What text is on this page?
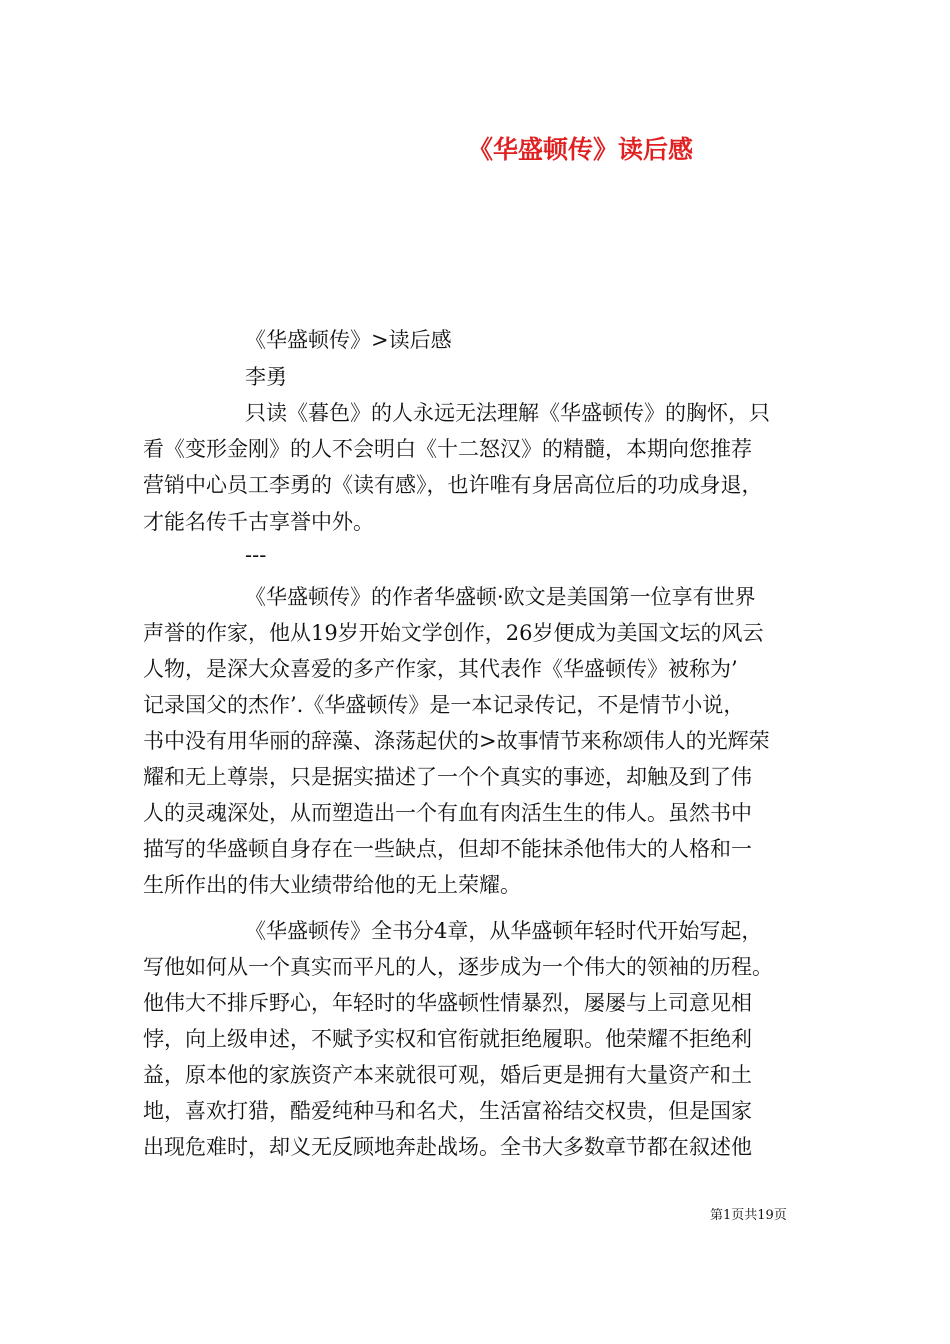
《华盛顿传》读后感
《华盛顿传》>读后感
李勇
只读《暮色》的人永远无法理解《华盛顿传》的胸怀，只
看《变形金刚》的人不会明白《十二怒汉》的精髓，本期向您推荐
营销中心员工李勇的《读有感》，也许唯有身居高位后的功成身退，
才能名传千古享誉中外。
---
《华盛顿传》的作者华盛顿·欧文是美国第一位享有世界
声誉的作家，他从19岁开始文学创作，26岁便成为美国文坛的风云
人物，是深大众喜爱的多产作家，其代表作《华盛顿传》被称为’
记录国父的杰作’.《华盛顿传》是一本记录传记，不是情节小说，
书中没有用华丽的辞藻、涤荡起伏的>故事情节来称颂伟人的光辉荣
耀和无上尊崇，只是据实描述了一个个真实的事迹，却触及到了伟
人的灵魂深处，从而塑造出一个有血有肉活生生的伟人。虽然书中
描写的华盛顿自身存在一些缺点，但却不能抹杀他伟大的人格和一
生所作出的伟大业绩带给他的无上荣耀。
《华盛顿传》全书分4章，从华盛顿年轻时代开始写起，
写他如何从一个真实而平凡的人，逐步成为一个伟大的领袖的历程。
他伟大不排斥野心，年轻时的华盛顿性情暴烈，屡屡与上司意见相
悖，向上级申述，不赋予实权和官衔就拒绝履职。他荣耀不拒绝利
益，原本他的家族资产本来就很可观，婚后更是拥有大量资产和土
地，喜欢打猎，酷爱纯种马和名犬，生活富裕结交权贵，但是国家
出现危难时，却义无反顾地奔赴战场。全书大多数章节都在叙述他
第1页共19页
